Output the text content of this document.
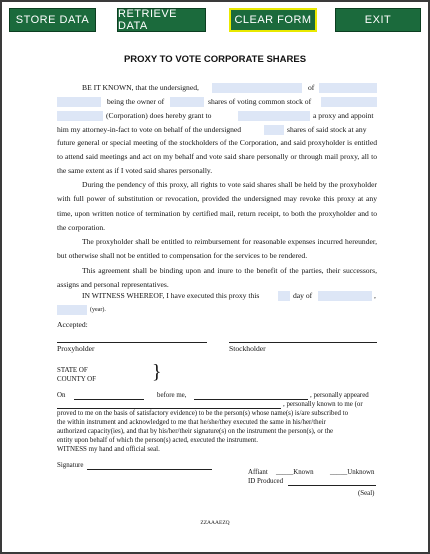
STORE DATA	RETRIEVE DATA	CLEAR FORM	EXIT
PROXY TO VOTE CORPORATE SHARES
BE IT KNOWN, that the undersigned,	of
being the owner of	shares of voting common stock of
(Corporation) does hereby grant to	a proxy and appoint
him my attorney-in-fact to vote on behalf of the undersigned	shares of said stock at any
future general or special meeting of the stockholders of the Corporation, and said proxyholder is entitled to attend said meetings and act on my behalf and vote said share personally or through mail proxy, all to the same extent as if I voted said shares personally.
During the pendency of this proxy, all rights to vote said shares shall be held by the proxyholder with full power of substitution or revocation, provided the undersigned may revoke this proxy at any time, upon written notice of termination by certified mail, return receipt, to both the proxyholder and to the corporation.
The proxyholder shall be entitled to reimbursement for reasonable expenses incurred hereunder, but otherwise shall not be entitled to compensation for the services to be rendered.
This agreement shall be binding upon and inure to the benefit of the parties, their successors, assigns and personal representatives.
IN WITNESS WHEREOF, I have executed this proxy this	day of	,
(year).
Accepted:
Proxyholder	Stockholder
STATE OF
COUNTY OF	}
On	before me,	, personally appeared
, personally known to me (or
proved to me on the basis of satisfactory evidence) to be the person(s) whose name(s) is/are subscribed to
the within instrument and acknowledged to me that he/she/they executed the same in his/her/their
authorized capacity(ies), and that by his/her/their signature(s) on the instrument the person(s), or the
entity upon behalf of which the person(s) acted, executed the instrument.
WITNESS my hand and official seal.
Signature
Affiant _____Known _____Unknown
ID Produced
(Seal)
ZZAAAEZQ
